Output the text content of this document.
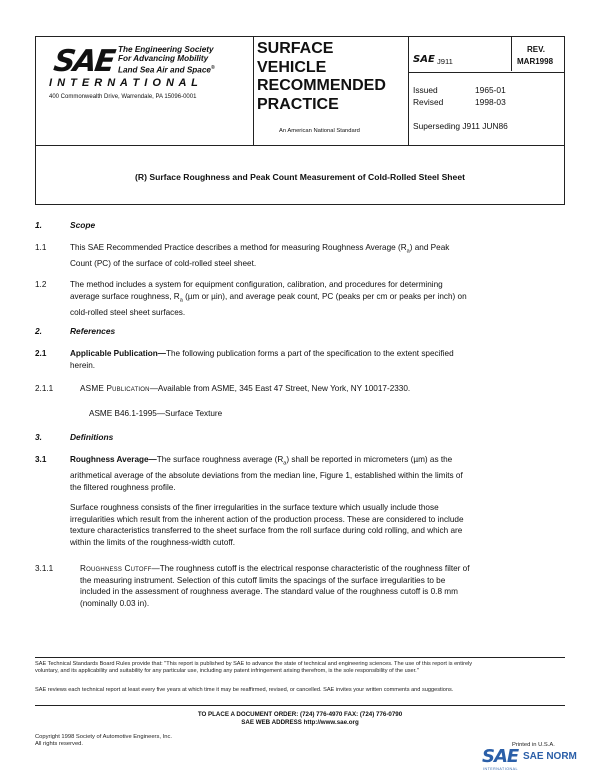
SAE The Engineering Society
For Advancing Mobility
Land Sea Air and Space®
I N T E R N A T I O N A L
400 Commonwealth Drive, Warrendale, PA 15096-0001
SURFACE
VEHICLE
RECOMMENDED
PRACTICE
An American National Standard
SAE J911
REV.
MAR1998
Issued	1965-01
Revised	1998-03
Superseding J911 JUN86
(R) Surface Roughness and Peak Count Measurement of Cold-Rolled Steel Sheet
1.	Scope
1.1	This SAE Recommended Practice describes a method for measuring Roughness Average $(R_a)$ and Peak
Count (PC) of the surface of cold-rolled steel sheet.
1.2	The method includes a system for equipment configuration, calibration, and procedures for determining
average surface roughness, $R_a$ (µm or µin), and average peak count, PC (peaks per cm or peaks per inch) on
cold-rolled steel sheet surfaces.
2.	References
2.1	Applicable Publication—The following publication forms a part of the specification to the extent specified
herein.
2.1.1	ASME Publication—Available from ASME, 345 East 47 Street, New York, NY 10017-2330.
ASME B46.1-1995—Surface Texture
3.	Definitions
3.1	Roughness Average—The surface roughness average $(R_a)$ shall be reported in micrometers (µm) as the
arithmetical average of the absolute deviations from the median line, Figure 1, established within the limits of
the filtered roughness profile.
Surface roughness consists of the finer irregularities in the surface texture which usually include those
irregularities which result from the inherent action of the production process. These are considered to include
texture characteristics transferred to the sheet surface from the roll surface during cold rolling, and which are
within the limits of the roughness-width cutoff.
3.1.1	Roughness Cutoff—The roughness cutoff is the electrical response characteristic of the roughness filter of
the measuring instrument. Selection of this cutoff limits the spacings of the surface irregularities to be
included in the assessment of roughness average. The standard value of the roughness cutoff is 0.8 mm
(nominally 0.03 in).
SAE Technical Standards Board Rules provide that: "This report is published by SAE to advance the state of technical and engineering sciences. The use of this report is entirely
voluntary, and its applicability and suitability for any particular use, including any patent infringement arising therefrom, is the sole responsibility of the user."
SAE reviews each technical report at least every five years at which time it may be reaffirmed, revised, or cancelled. SAE invites your written comments and suggestions.
TO PLACE A DOCUMENT ORDER: (724) 776-4970 FAX: (724) 776-0790
SAE WEB ADDRESS http://www.sae.org
Copyright 1998 Society of Automotive Engineers, Inc.
All rights reserved.	Printed in U.S.A.
SAE SAE NORM
INTERNATIONAL
